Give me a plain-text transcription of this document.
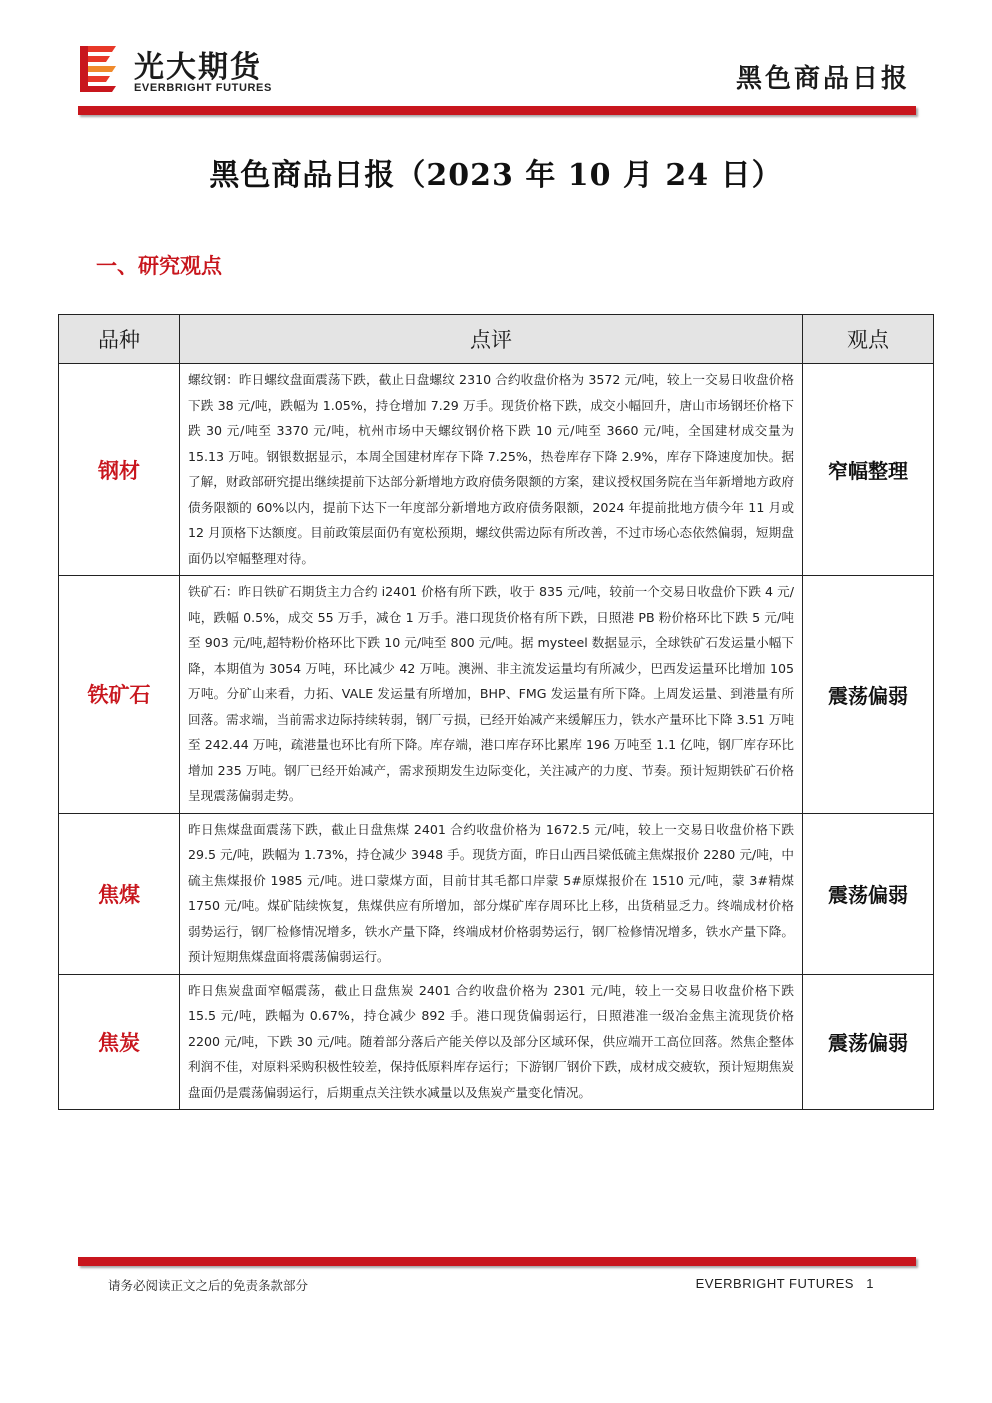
光大期货
EVERBRIGHT FUTURES	黑色商品日报
黑色商品日报（2023 年 10 月 24 日）
一、研究观点
品种	点评	观点
钢材	螺纹钢：昨日螺纹盘面震荡下跌，截止日盘螺纹 2310 合约收盘价格为 3572 元/吨，较上一交易日收盘价格下跌 38 元/吨，跌幅为 1.05%，持仓增加 7.29 万手。现货价格下跌，成交小幅回升，唐山市场钢坯价格下跌 30 元/吨至 3370 元/吨，杭州市场中天螺纹钢价格下跌 10 元/吨至 3660 元/吨，全国建材成交量为 15.13 万吨。钢银数据显示，本周全国建材库存下降 7.25%，热卷库存下降 2.9%，库存下降速度加快。据了解，财政部研究提出继续提前下达部分新增地方政府债务限额的方案，建议授权国务院在当年新增地方政府债务限额的 60%以内，提前下达下一年度部分新增地方政府债务限额，2024 年提前批地方债今年 11 月或 12 月顶格下达额度。目前政策层面仍有宽松预期，螺纹供需边际有所改善，不过市场心态依然偏弱，短期盘面仍以窄幅整理对待。	窄幅整理
铁矿石	铁矿石：昨日铁矿石期货主力合约 i2401 价格有所下跌，收于 835 元/吨，较前一个交易日收盘价下跌 4 元/吨，跌幅 0.5%，成交 55 万手，减仓 1 万手。港口现货价格有所下跌，日照港 PB 粉价格环比下跌 5 元/吨至 903 元/吨,超特粉价格环比下跌 10 元/吨至 800 元/吨。据 mysteel 数据显示，全球铁矿石发运量小幅下降，本期值为 3054 万吨，环比减少 42 万吨。澳洲、非主流发运量均有所减少，巴西发运量环比增加 105 万吨。分矿山来看，力拓、VALE 发运量有所增加，BHP、FMG 发运量有所下降。上周发运量、到港量有所回落。需求端，当前需求边际持续转弱，钢厂亏损，已经开始减产来缓解压力，铁水产量环比下降 3.51 万吨至 242.44 万吨，疏港量也环比有所下降。库存端，港口库存环比累库 196 万吨至 1.1 亿吨，钢厂库存环比增加 235 万吨。钢厂已经开始减产，需求预期发生边际变化，关注减产的力度、节奏。预计短期铁矿石价格呈现震荡偏弱走势。	震荡偏弱
焦煤	昨日焦煤盘面震荡下跌，截止日盘焦煤 2401 合约收盘价格为 1672.5 元/吨，较上一交易日收盘价格下跌 29.5 元/吨，跌幅为 1.73%，持仓减少 3948 手。现货方面，昨日山西吕梁低硫主焦煤报价 2280 元/吨，中硫主焦煤报价 1985 元/吨。进口蒙煤方面，目前甘其毛都口岸蒙 5#原煤报价在 1510 元/吨，蒙 3#精煤 1750 元/吨。煤矿陆续恢复，焦煤供应有所增加，部分煤矿库存周环比上移，出货稍显乏力。终端成材价格弱势运行，钢厂检修情况增多，铁水产量下降，终端成材价格弱势运行，钢厂检修情况增多，铁水产量下降。预计短期焦煤盘面将震荡偏弱运行。	震荡偏弱
焦炭	昨日焦炭盘面窄幅震荡，截止日盘焦炭 2401 合约收盘价格为 2301 元/吨，较上一交易日收盘价格下跌 15.5 元/吨，跌幅为 0.67%，持仓减少 892 手。港口现货偏弱运行，日照港准一级冶金焦主流现货价格 2200 元/吨，下跌 30 元/吨。随着部分落后产能关停以及部分区域环保，供应端开工高位回落。然焦企整体利润不佳，对原料采购积极性较差，保持低原料库存运行；下游钢厂钢价下跌，成材成交疲软，预计短期焦炭盘面仍是震荡偏弱运行，后期重点关注铁水减量以及焦炭产量变化情况。	震荡偏弱
请务必阅读正文之后的免责条款部分	EVERBRIGHT FUTURES 1
